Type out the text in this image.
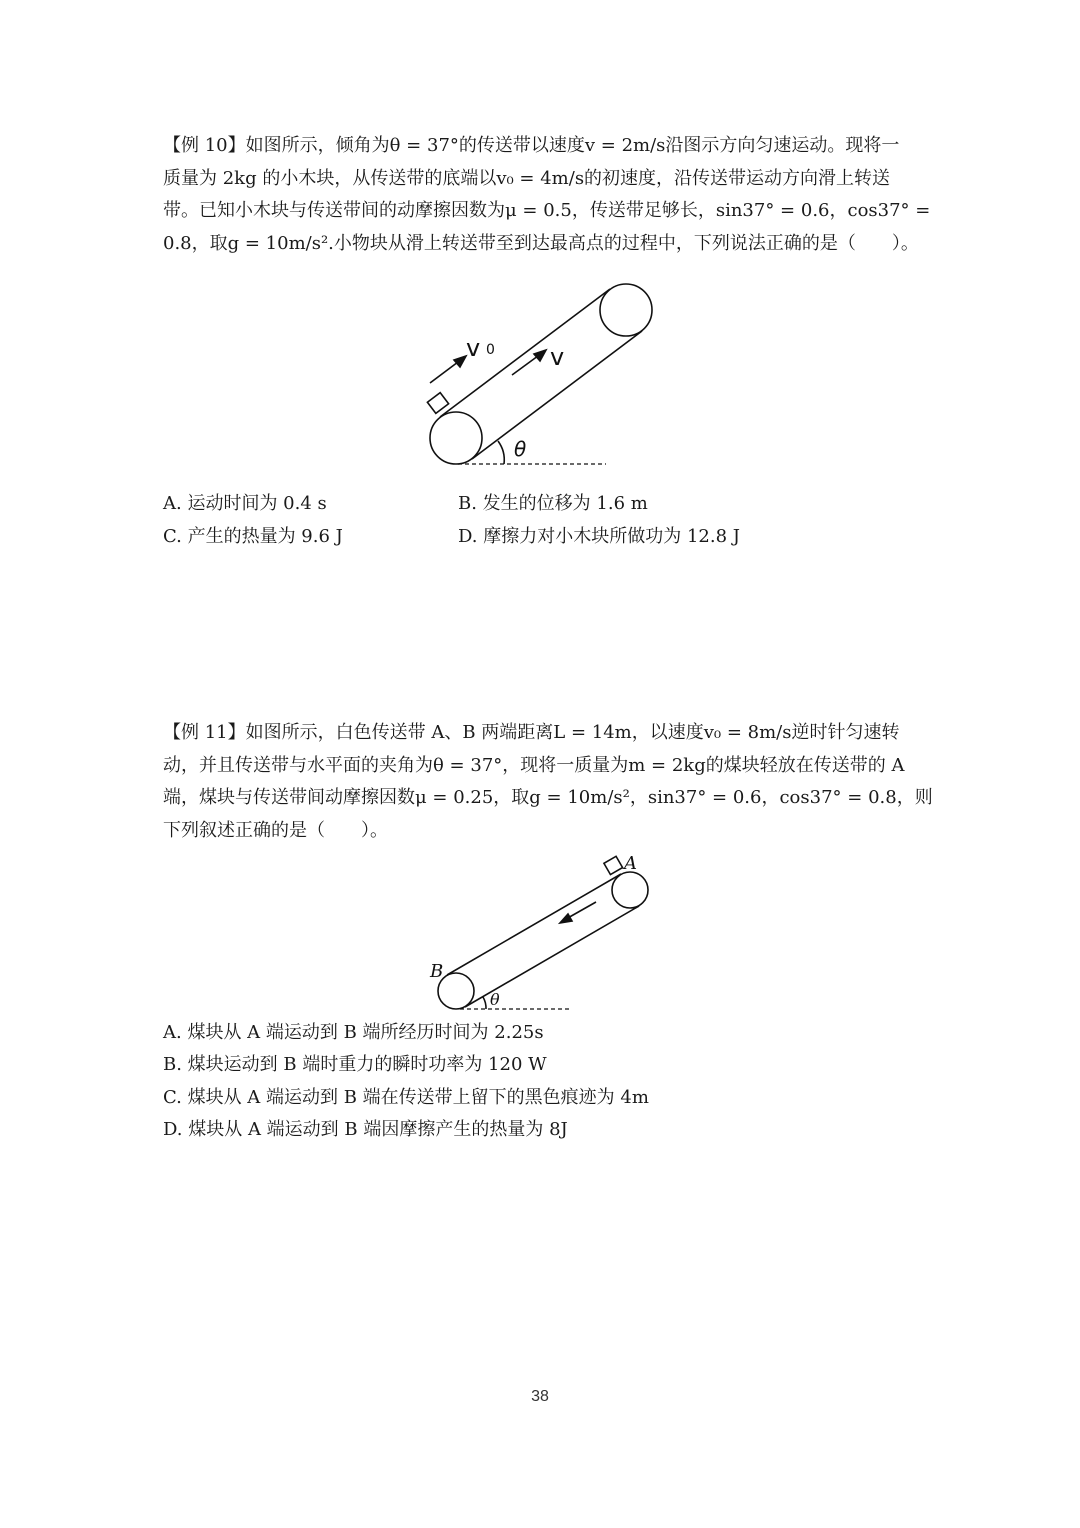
【例 10】如图所示，倾角为θ = 37°的传送带以速度v = 2m/s沿图示方向匀速运动。现将一
质量为 2kg 的小木块，从传送带的底端以v₀ = 4m/s的初速度，沿传送带运动方向滑上转送
带。已知小木块与传送带间的动摩擦因数为μ = 0.5，传送带足够长，sin37° = 0.6，cos37° =
0.8，取g = 10m/s².小物块从滑上转送带至到达最高点的过程中，下列说法正确的是（　　）。
θ
v 0 v
A. 运动时间为 0.4 s	B. 发生的位移为 1.6 m
C. 产生的热量为 9.6 J	D. 摩擦力对小木块所做功为 12.8 J
【例 11】如图所示，白色传送带 A、B 两端距离L = 14m，以速度v₀ = 8m/s逆时针匀速转
动，并且传送带与水平面的夹角为θ = 37°，现将一质量为m = 2kg的煤块轻放在传送带的 A
端，煤块与传送带间动摩擦因数μ = 0.25，取g = 10m/s²，sin37° = 0.6，cos37° = 0.8，则
下列叙述正确的是（　　）。
θ
A
B
A. 煤块从 A 端运动到 B 端所经历时间为 2.25s
B. 煤块运动到 B 端时重力的瞬时功率为 120 W
C. 煤块从 A 端运动到 B 端在传送带上留下的黑色痕迹为 4m
D. 煤块从 A 端运动到 B 端因摩擦产生的热量为 8J
38
